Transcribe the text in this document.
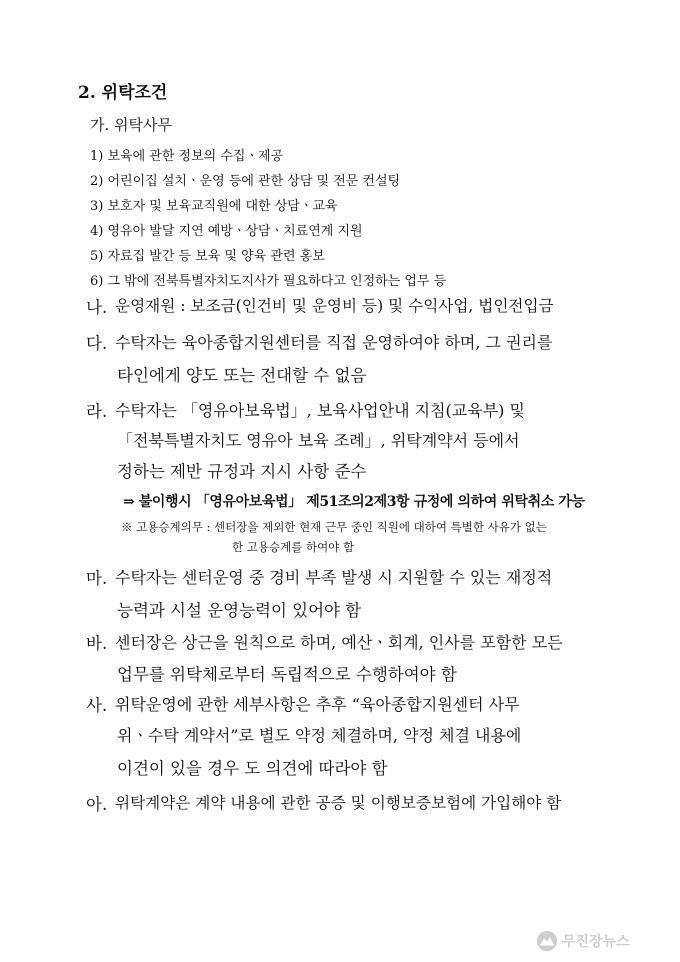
2. 위탁조건
가. 위탁사무
1) 보육에 관한 정보의 수집ㆍ제공
2) 어린이집 설치ㆍ운영 등에 관한 상담 및 전문 컨설팅
3) 보호자 및 보육교직원에 대한 상담ㆍ교육
4) 영유아 발달 지연 예방ㆍ상담ㆍ치료연계 지원
5) 자료집 발간 등 보육 및 양육 관련 홍보
6) 그 밖에 전북특별자치도지사가 필요하다고 인정하는 업무 등
나. 운영재원 : 보조금(인건비 및 운영비 등) 및 수익사업, 법인전입금
다. 수탁자는 육아종합지원센터를 직접 운영하여야 하며, 그 권리를
타인에게 양도 또는 전대할 수 없음
라. 수탁자는 「영유아보육법」, 보육사업안내 지침(교육부) 및
「전북특별자치도 영유아 보육 조례」, 위탁계약서 등에서
정하는 제반 규정과 지시 사항 준수
⇒ 불이행시 「영유아보육법」 제51조의2제3항 규정에 의하여 위탁취소 가능
※ 고용승계의무 : 센터장을 제외한 현재 근무 중인 직원에 대하여 특별한 사유가 없는
한 고용승계를 하여야 함
마. 수탁자는 센터운영 중 경비 부족 발생 시 지원할 수 있는 재정적
능력과 시설 운영능력이 있어야 함
바. 센터장은 상근을 원칙으로 하며, 예산ㆍ회계, 인사를 포함한 모든
업무를 위탁체로부터 독립적으로 수행하여야 함
사. 위탁운영에 관한 세부사항은 추후 “육아종합지원센터 사무
위ㆍ수탁 계약서”로 별도 약정 체결하며, 약정 체결 내용에
이견이 있을 경우 도 의견에 따라야 함
아. 위탁계약은 계약 내용에 관한 공증 및 이행보증보험에 가입해야 함
무진장뉴스
